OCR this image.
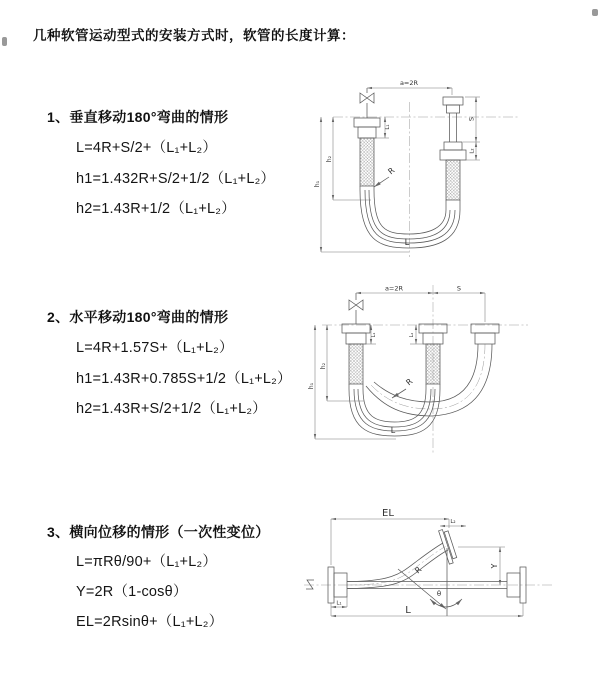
几种软管运动型式的安装方式时，软管的长度计算：
1、垂直移动180°弯曲的情形
L=4R+S/2+（L₁+L₂）
h1=1.432R+S/2+1/2（L₁+L₂）
h2=1.43R+1/2（L₁+L₂）
2、水平移动180°弯曲的情形
L=4R+1.57S+（L₁+L₂）
h1=1.43R+0.785S+1/2（L₁+L₂）
h2=1.43R+S/2+1/2（L₁+L₂）
3、横向位移的情形（一次性变位）
L=πRθ/90+（L₁+L₂）
Y=2R（1-cosθ）
EL=2Rsinθ+（L₁+L₂）
a=2R
S
L₂
h₁
h₂
L₁
R
L
a=2R	S
h₁
h₂
L₁	L₂
R
L
EL
L₂
Y
L
L₁
R
θ
